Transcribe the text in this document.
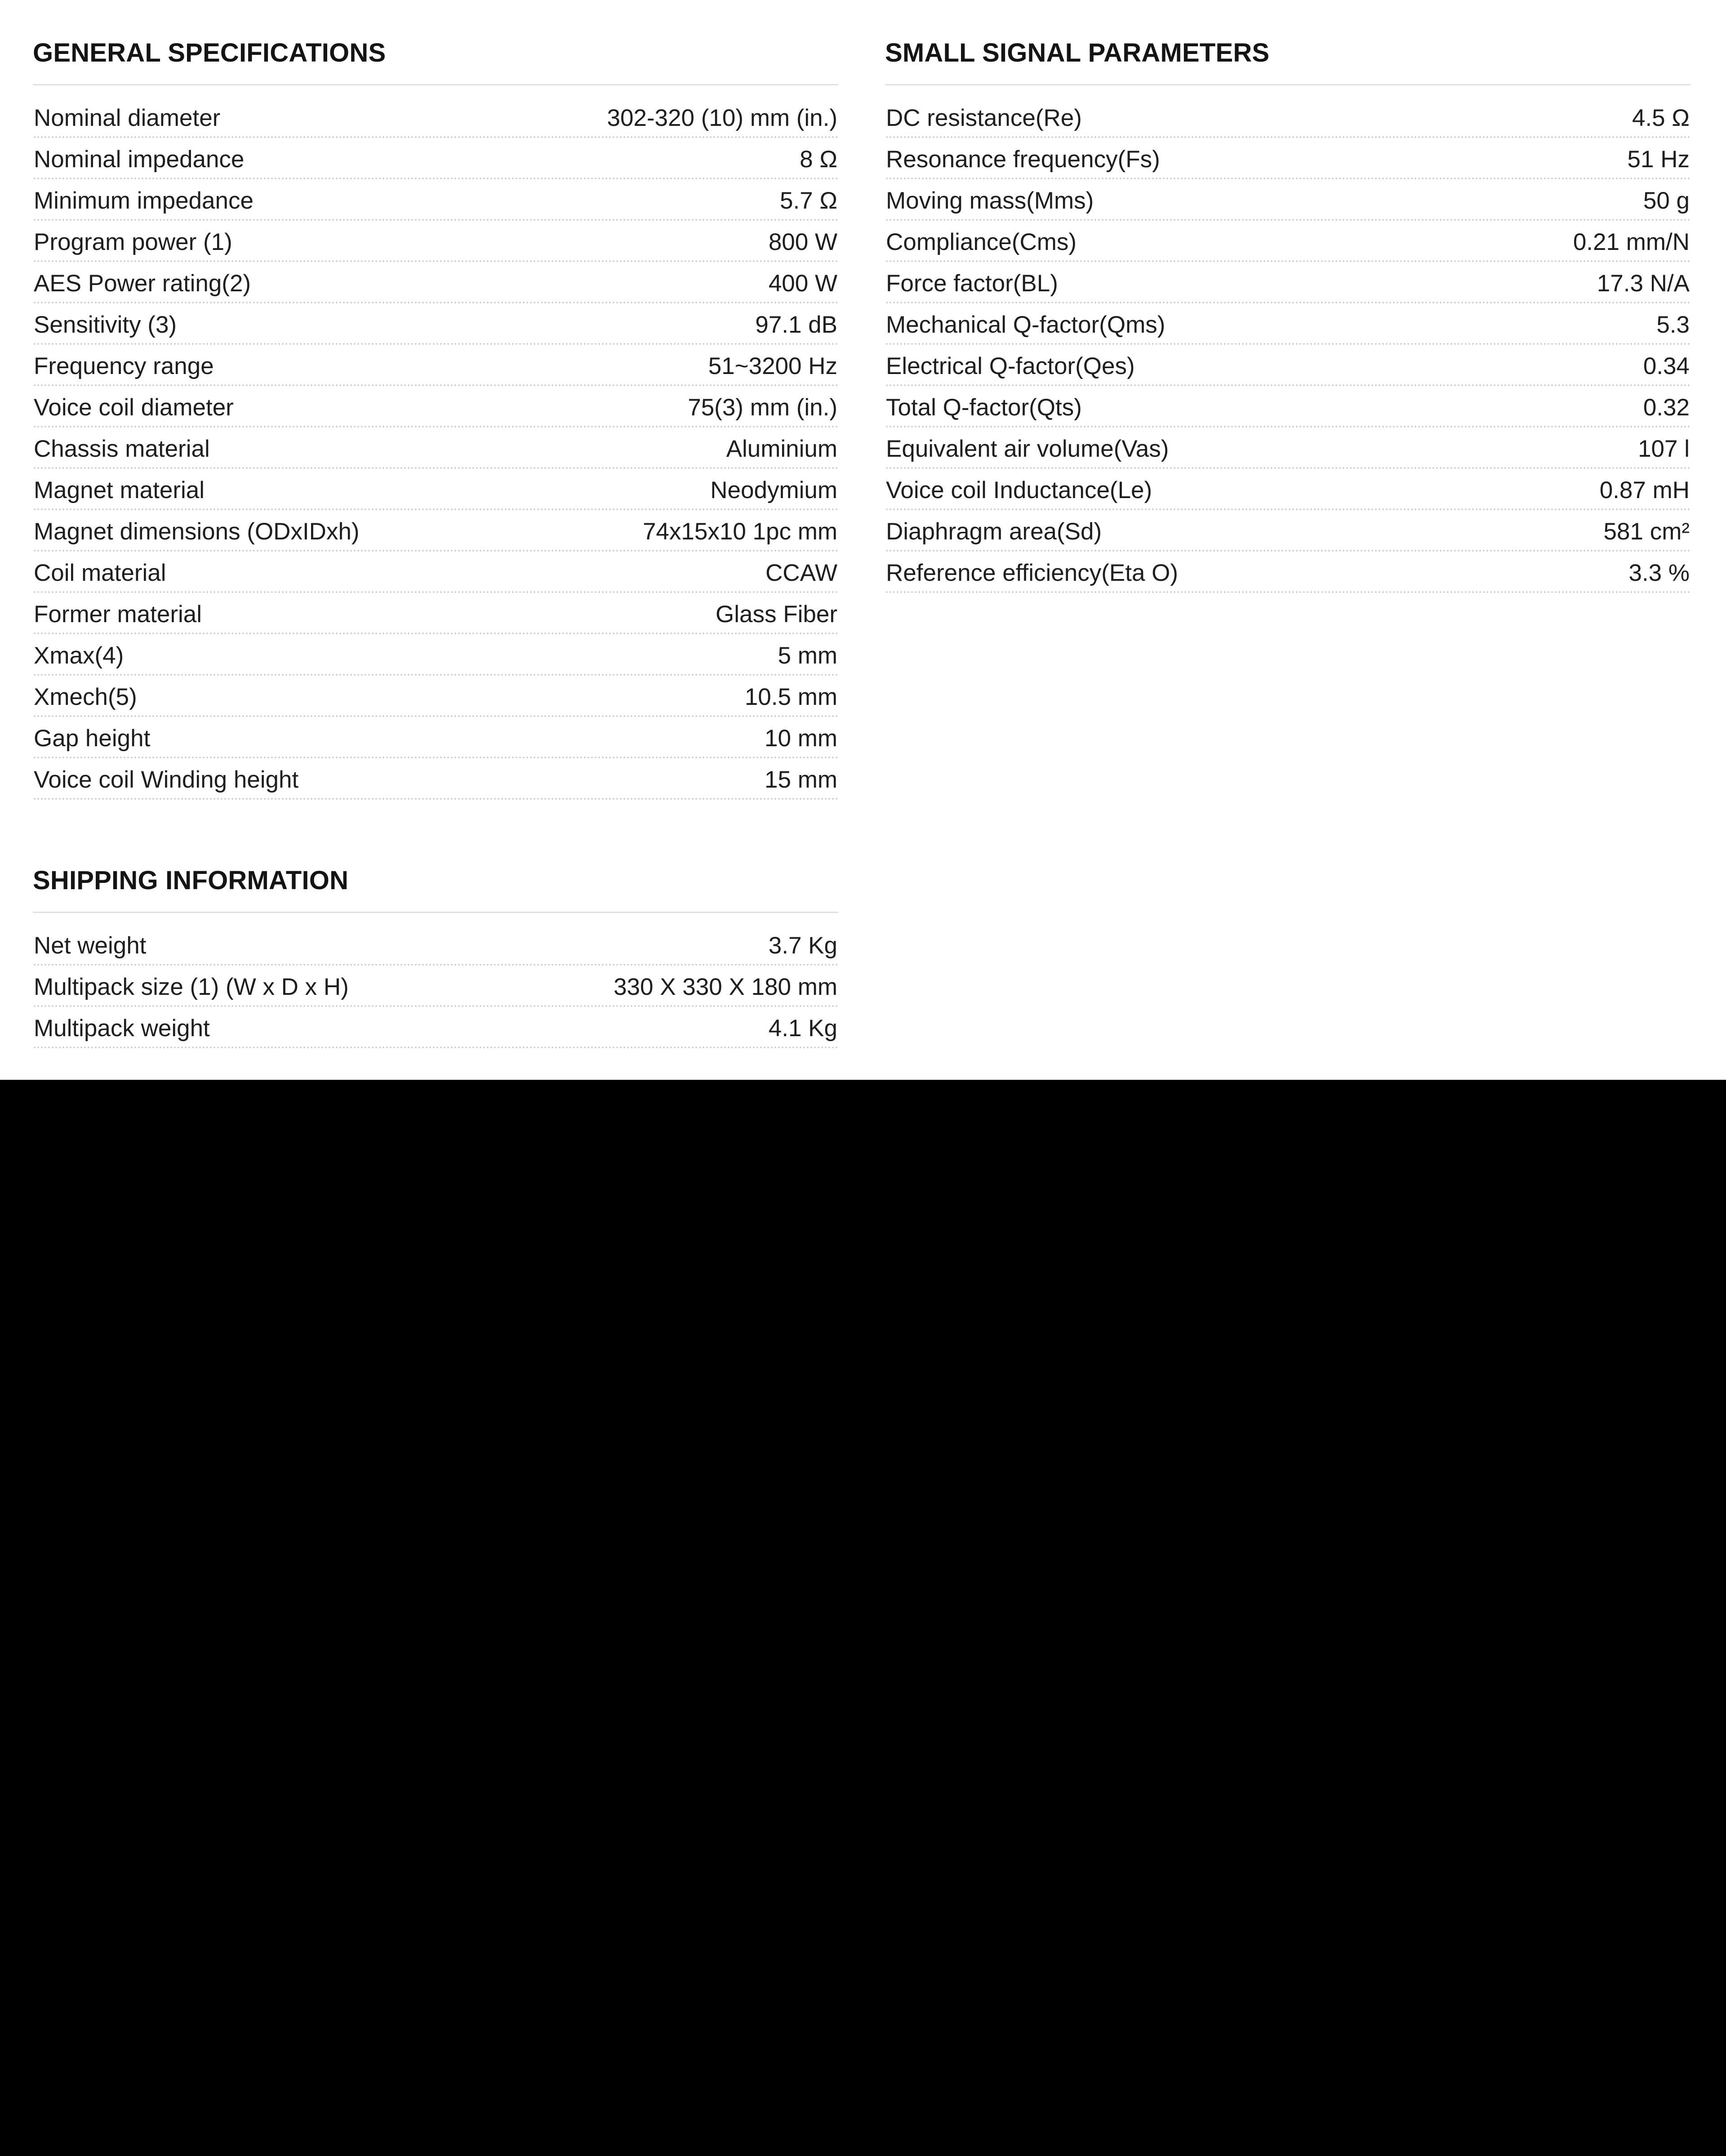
GENERAL SPECIFICATIONS
Nominal diameter	302-320 (10) mm (in.)
Nominal impedance	8 Ω
Minimum impedance	5.7 Ω
Program power (1)	800 W
AES Power rating(2)	400 W
Sensitivity (3)	97.1 dB
Frequency range	51~3200 Hz
Voice coil diameter	75(3) mm (in.)
Chassis material	Aluminium
Magnet material	Neodymium
Magnet dimensions (ODxIDxh)	74x15x10 1pc mm
Coil material	CCAW
Former material	Glass Fiber
Xmax(4)	5 mm
Xmech(5)	10.5 mm
Gap height	10 mm
Voice coil Winding height	15 mm
SMALL SIGNAL PARAMETERS
DC resistance(Re)	4.5 Ω
Resonance frequency(Fs)	51 Hz
Moving mass(Mms)	50 g
Compliance(Cms)	0.21 mm/N
Force factor(BL)	17.3 N/A
Mechanical Q-factor(Qms)	5.3
Electrical Q-factor(Qes)	0.34
Total Q-factor(Qts)	0.32
Equivalent air volume(Vas)	107 l
Voice coil Inductance(Le)	0.87 mH
Diaphragm area(Sd)	581 cm²
Reference efficiency(Eta O)	3.3 %
SHIPPING INFORMATION
Net weight	3.7 Kg
Multipack size (1) (W x D x H)	330 X 330 X 180 mm
Multipack weight	4.1 Kg
